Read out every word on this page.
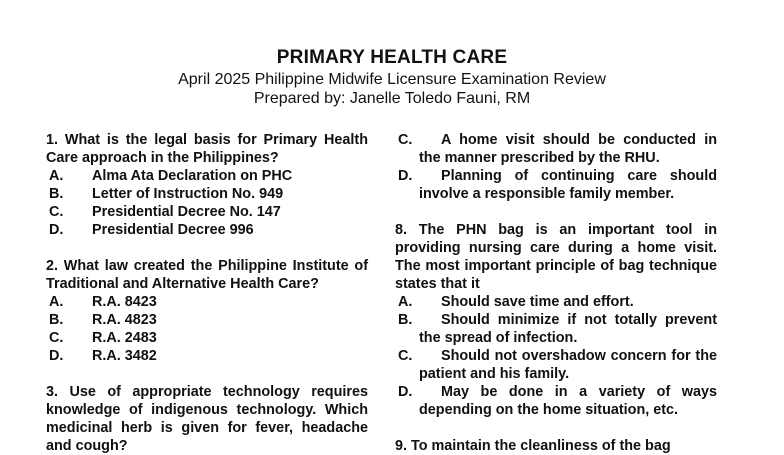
PRIMARY HEALTH CARE
April 2025 Philippine Midwife Licensure Examination Review
Prepared by: Janelle Toledo Fauni, RM

1. What is the legal basis for Primary Health Care approach in the Philippines?

A.	Alma Ata Declaration on PHC
B.	Letter of Instruction No. 949
C.	Presidential Decree No. 147
D.	Presidential Decree 996

2. What law created the Philippine Institute of Traditional and Alternative Health Care?

A.	R.A. 8423
B.	R.A. 4823
C.	R.A. 2483
D.	R.A. 3482

3. Use of appropriate technology requires knowledge of indigenous technology. Which medicinal herb is given for fever, headache and cough?

C. A home visit should be conducted in the manner prescribed by the RHU.
D. Planning of continuing care should involve a responsible family member.

8. The PHN bag is an important tool in providing nursing care during a home visit. The most important principle of bag technique states that it

A. Should save time and effort.
B. Should minimize if not totally prevent the spread of infection.
C. Should not overshadow concern for the patient and his family.
D. May be done in a variety of ways depending on the home situation, etc.

9. To maintain the cleanliness of the bag
